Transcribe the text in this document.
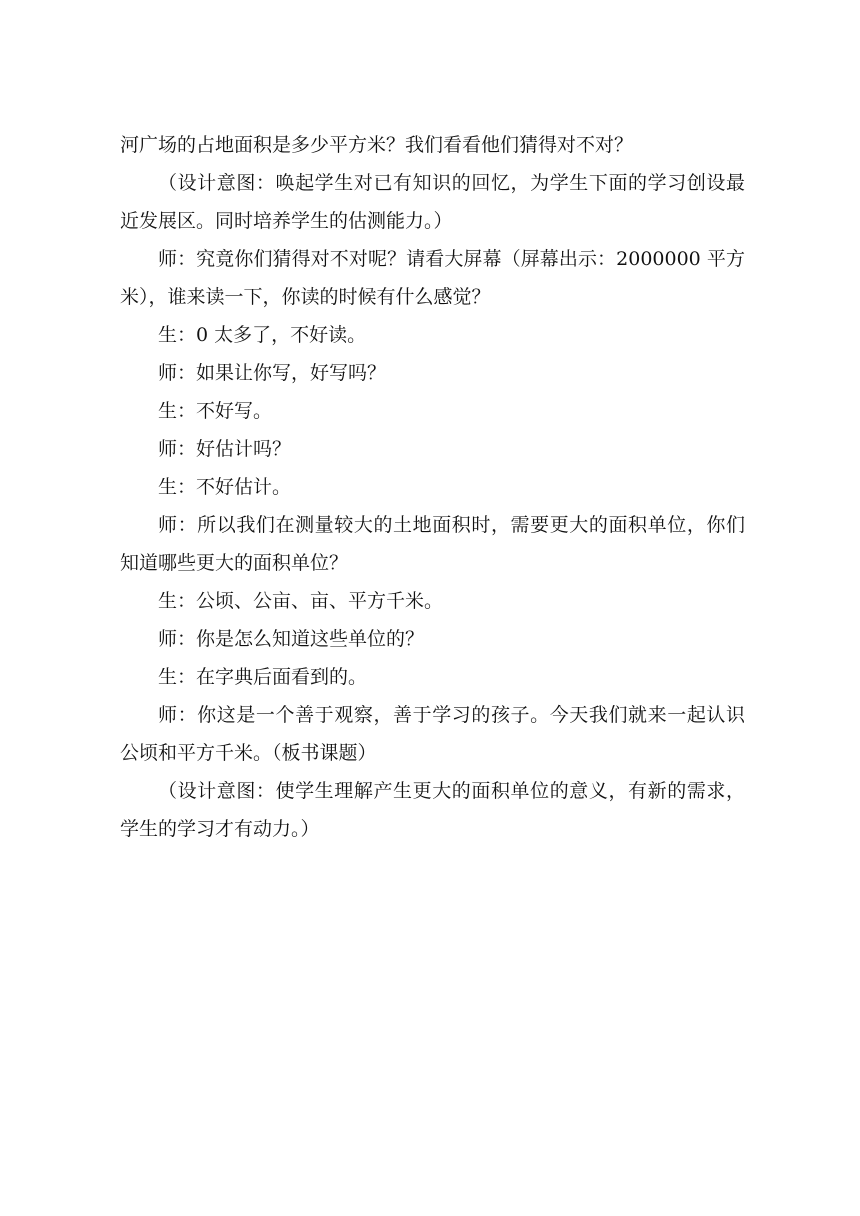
河广场的占地面积是多少平方米？我们看看他们猜得对不对？

（设计意图：唤起学生对已有知识的回忆，为学生下面的学习创设最近发展区。同时培养学生的估测能力。）

师：究竟你们猜得对不对呢？请看大屏幕（屏幕出示：2000000 平方米），谁来读一下，你读的时候有什么感觉？

生：0 太多了，不好读。

师：如果让你写，好写吗？

生：不好写。

师：好估计吗？

生：不好估计。

师：所以我们在测量较大的土地面积时，需要更大的面积单位，你们知道哪些更大的面积单位？

生：公顷、公亩、亩、平方千米。

师：你是怎么知道这些单位的？

生：在字典后面看到的。

师：你这是一个善于观察，善于学习的孩子。今天我们就来一起认识公顷和平方千米。（板书课题）

（设计意图：使学生理解产生更大的面积单位的意义，有新的需求，学生的学习才有动力。）
